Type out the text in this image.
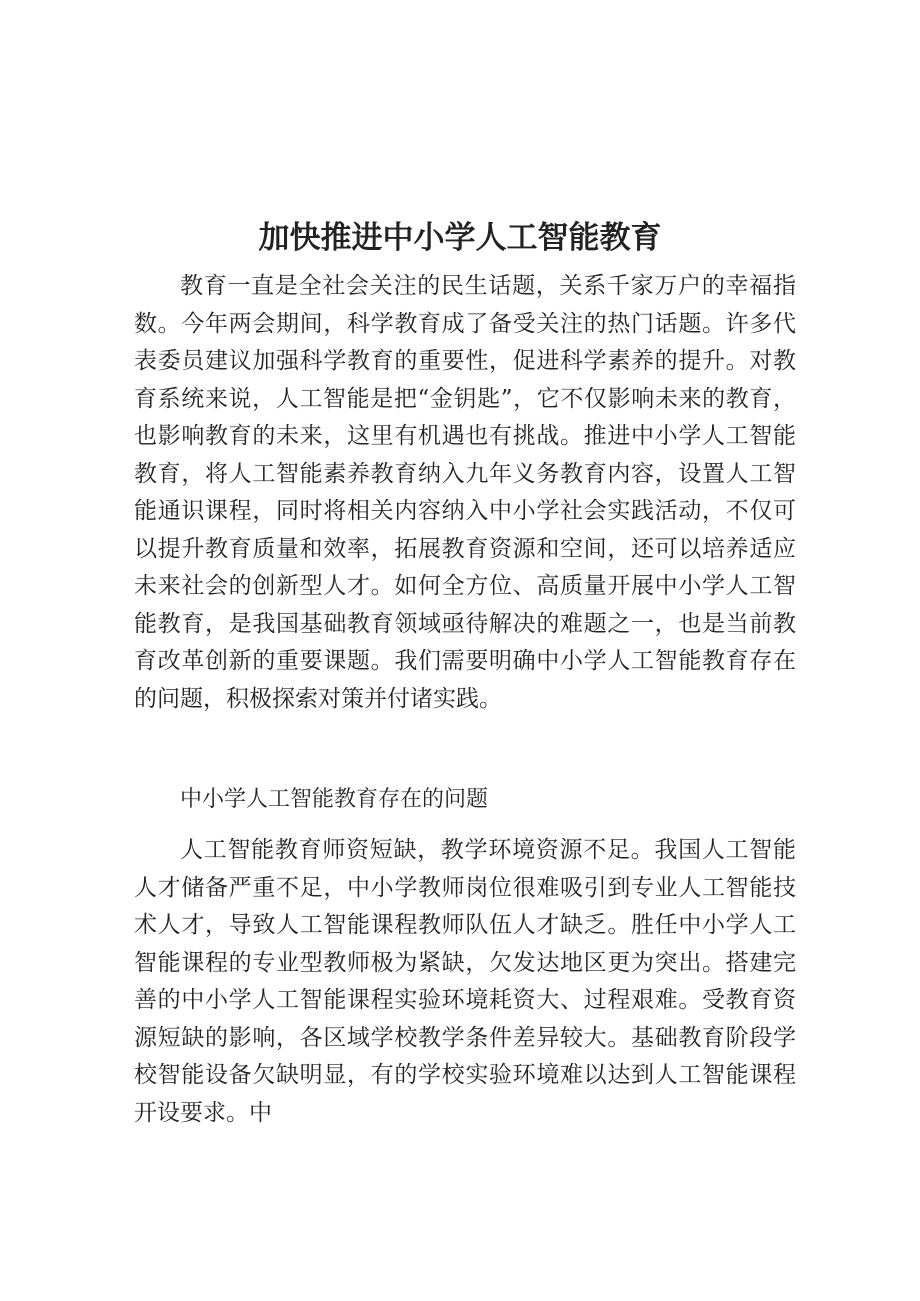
加快推进中小学人工智能教育

教育一直是全社会关注的民生话题，关系千家万户的幸福指数。今年两会期间，科学教育成了备受关注的热门话题。许多代表委员建议加强科学教育的重要性，促进科学素养的提升。对教育系统来说，人工智能是把“金钥匙”，它不仅影响未来的教育，也影响教育的未来，这里有机遇也有挑战。推进中小学人工智能教育，将人工智能素养教育纳入九年义务教育内容，设置人工智能通识课程，同时将相关内容纳入中小学社会实践活动，不仅可以提升教育质量和效率，拓展教育资源和空间，还可以培养适应未来社会的创新型人才。如何全方位、高质量开展中小学人工智能教育，是我国基础教育领域亟待解决的难题之一，也是当前教育改革创新的重要课题。我们需要明确中小学人工智能教育存在的问题，积极探索对策并付诸实践。

中小学人工智能教育存在的问题

人工智能教育师资短缺，教学环境资源不足。我国人工智能人才储备严重不足，中小学教师岗位很难吸引到专业人工智能技术人才，导致人工智能课程教师队伍人才缺乏。胜任中小学人工智能课程的专业型教师极为紧缺，欠发达地区更为突出。搭建完善的中小学人工智能课程实验环境耗资大、过程艰难。受教育资源短缺的影响，各区域学校教学条件差异较大。基础教育阶段学校智能设备欠缺明显，有的学校实验环境难以达到人工智能课程开设要求。中
